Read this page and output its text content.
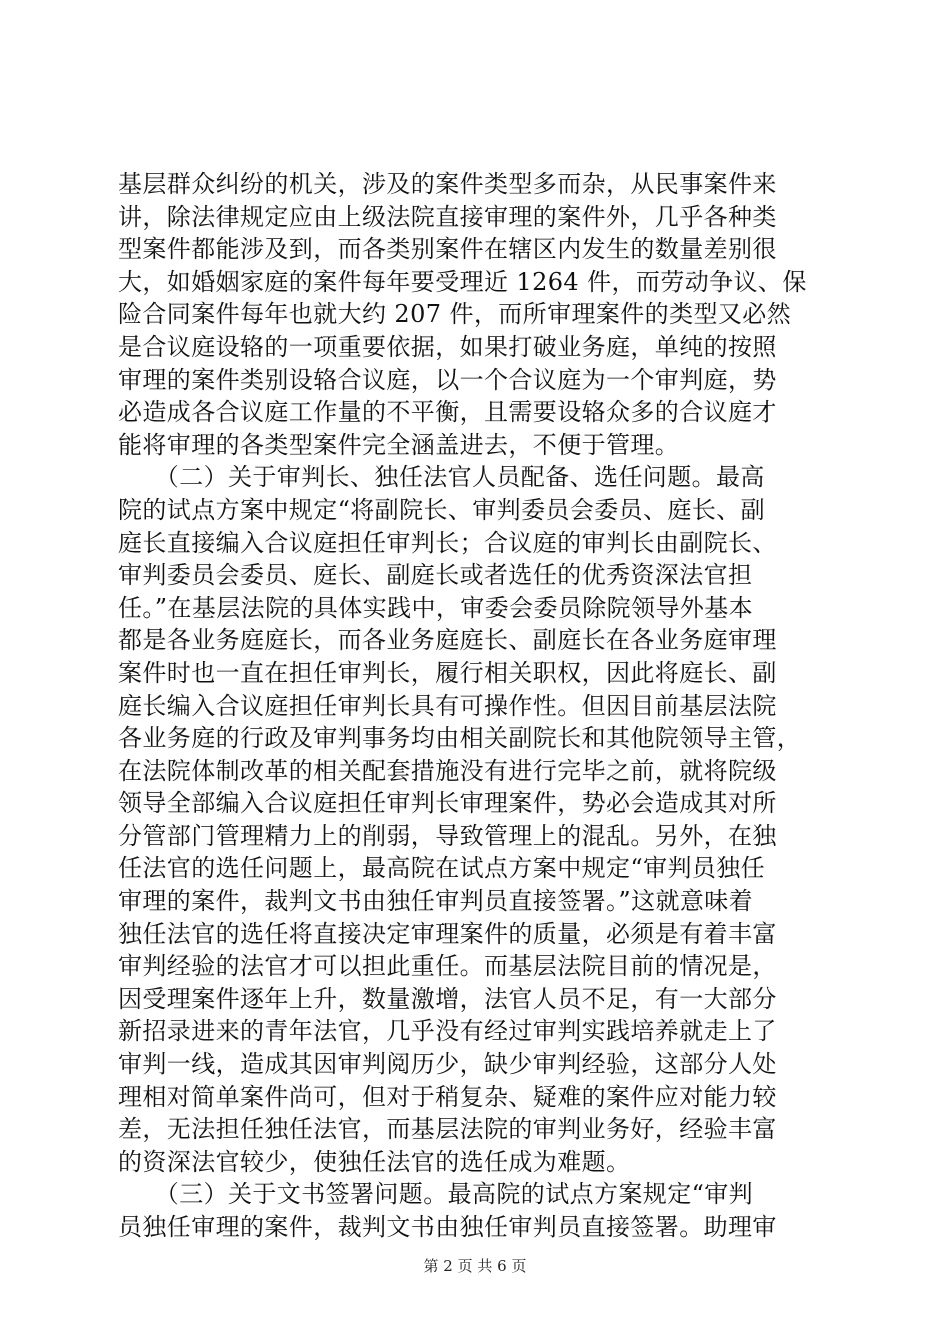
基层群众纠纷的机关，涉及的案件类型多而杂，从民事案件来
讲，除法律规定应由上级法院直接审理的案件外，几乎各种类
型案件都能涉及到，而各类别案件在辖区内发生的数量差别很
大，如婚姻家庭的案件每年要受理近 1264 件，而劳动争议、保
险合同案件每年也就大约 207 件，而所审理案件的类型又必然
是合议庭设辂的一项重要依据，如果打破业务庭，单纯的按照
审理的案件类别设辂合议庭，以一个合议庭为一个审判庭，势
必造成各合议庭工作量的不平衡，且需要设辂众多的合议庭才
能将审理的各类型案件完全涵盖进去，不便于管理。
　　（二）关于审判长、独任法官人员配备、选任问题。最高
院的试点方案中规定“将副院长、审判委员会委员、庭长、副
庭长直接编入合议庭担任审判长；合议庭的审判长由副院长、
审判委员会委员、庭长、副庭长或者选任的优秀资深法官担
任。”在基层法院的具体实践中，审委会委员除院领导外基本
都是各业务庭庭长，而各业务庭庭长、副庭长在各业务庭审理
案件时也一直在担任审判长，履行相关职权，因此将庭长、副
庭长编入合议庭担任审判长具有可操作性。但因目前基层法院
各业务庭的行政及审判事务均由相关副院长和其他院领导主管，
在法院体制改革的相关配套措施没有进行完毕之前，就将院级
领导全部编入合议庭担任审判长审理案件，势必会造成其对所
分管部门管理精力上的削弱，导致管理上的混乱。另外，在独
任法官的选任问题上，最高院在试点方案中规定“审判员独任
审理的案件，裁判文书由独任审判员直接签署。”这就意味着
独任法官的选任将直接决定审理案件的质量，必须是有着丰富
审判经验的法官才可以担此重任。而基层法院目前的情况是，
因受理案件逐年上升，数量激增，法官人员不足，有一大部分
新招录进来的青年法官，几乎没有经过审判实践培养就走上了
审判一线，造成其因审判阅历少，缺少审判经验，这部分人处
理相对简单案件尚可，但对于稍复杂、疑难的案件应对能力较
差，无法担任独任法官，而基层法院的审判业务好，经验丰富
的资深法官较少，使独任法官的选任成为难题。
　　（三）关于文书签署问题。最高院的试点方案规定“审判
员独任审理的案件，裁判文书由独任审判员直接签署。助理审
第 2 页 共 6 页
